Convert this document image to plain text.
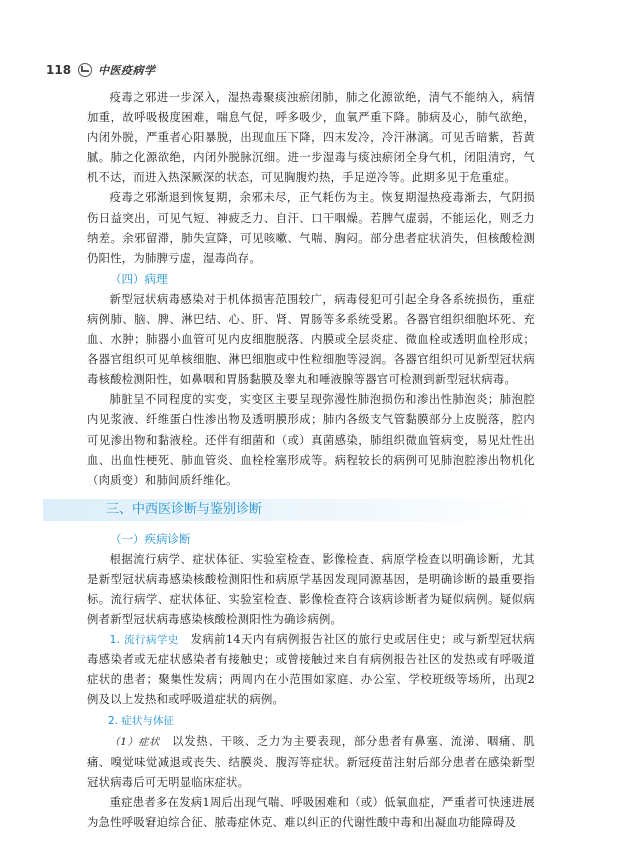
118 中医疫病学

疫毒之邪进一步深入，湿热毒聚痰浊瘀闭肺，肺之化源欲绝，清气不能纳入，病情加重，故呼吸极度困难，喘息气促，呼多吸少，血氧严重下降。肺病及心，肺气欲绝，内闭外脱，严重者心阳暴脱，出现血压下降，四末发冷，冷汗淋漓。可见舌暗紫，苔黄腻。肺之化源欲绝，内闭外脱脉沉细。进一步湿毒与痰浊瘀闭全身气机，闭阻清窍，气机不达，而进入热深厥深的状态，可见胸腹灼热，手足逆冷等。此期多见于危重症。

疫毒之邪渐退到恢复期，余邪未尽，正气耗伤为主。恢复期湿热疫毒渐去，气阴损伤日益突出，可见气短、神疲乏力、自汗、口干咽燥。若脾气虚弱，不能运化，则乏力纳差。余邪留滞，肺失宣降，可见咳嗽、气喘、胸闷。部分患者症状消失，但核酸检测仍阳性，为肺脾亏虚，湿毒尚存。

（四）病理

新型冠状病毒感染对于机体损害范围较广，病毒侵犯可引起全身各系统损伤，重症病例肺、脑、脾、淋巴结、心、肝、肾、胃肠等多系统受累。各器官组织细胞坏死、充血、水肿；肺器小血管可见内皮细胞脱落、内膜或全层炎症、微血栓或透明血栓形成；各器官组织可见单核细胞、淋巴细胞或中性粒细胞等浸润。各器官组织可见新型冠状病毒核酸检测阳性，如鼻咽和胃肠黏膜及睾丸和唾液腺等器官可检测到新型冠状病毒。

肺脏呈不同程度的实变，实变区主要呈现弥漫性肺泡损伤和渗出性肺泡炎；肺泡腔内见浆液、纤维蛋白性渗出物及透明膜形成；肺内各级支气管黏膜部分上皮脱落，腔内可见渗出物和黏液栓。还伴有细菌和（或）真菌感染，肺组织微血管病变，易见灶性出血、出血性梗死、肺血管炎、血栓栓塞形成等。病程较长的病例可见肺泡腔渗出物机化（肉质变）和肺间质纤维化。

三、中西医诊断与鉴别诊断

（一）疾病诊断

根据流行病学、症状体征、实验室检查、影像检查、病原学检查以明确诊断，尤其是新型冠状病毒感染核酸检测阳性和病原学基因发现同源基因，是明确诊断的最重要指标。流行病学、症状体征、实验室检查、影像检查符合该病诊断者为疑似病例。疑似病例者新型冠状病毒感染核酸检测阳性为确诊病例。

1. 流行病学史　 发病前14天内有病例报告社区的旅行史或居住史；或与新型冠状病毒感染者或无症状感染者有接触史；或曾接触过来自有病例报告社区的发热或有呼吸道症状的患者；聚集性发病；两周内在小范围如家庭、办公室、学校班级等场所，出现2例及以上发热和或呼吸道症状的病例。

2. 症状与体征

（1）症状　 以发热、干咳、乏力为主要表现，部分患者有鼻塞、流涕、咽痛、肌痛、嗅觉味觉减退或丧失、结膜炎、腹泻等症状。新冠疫苗注射后部分患者在感染新型冠状病毒后可无明显临床症状。

重症患者多在发病1周后出现气喘、呼吸困难和（或）低氧血症，严重者可快速进展为急性呼吸窘迫综合征、脓毒症休克、难以纠正的代谢性酸中毒和出凝血功能障碍及
